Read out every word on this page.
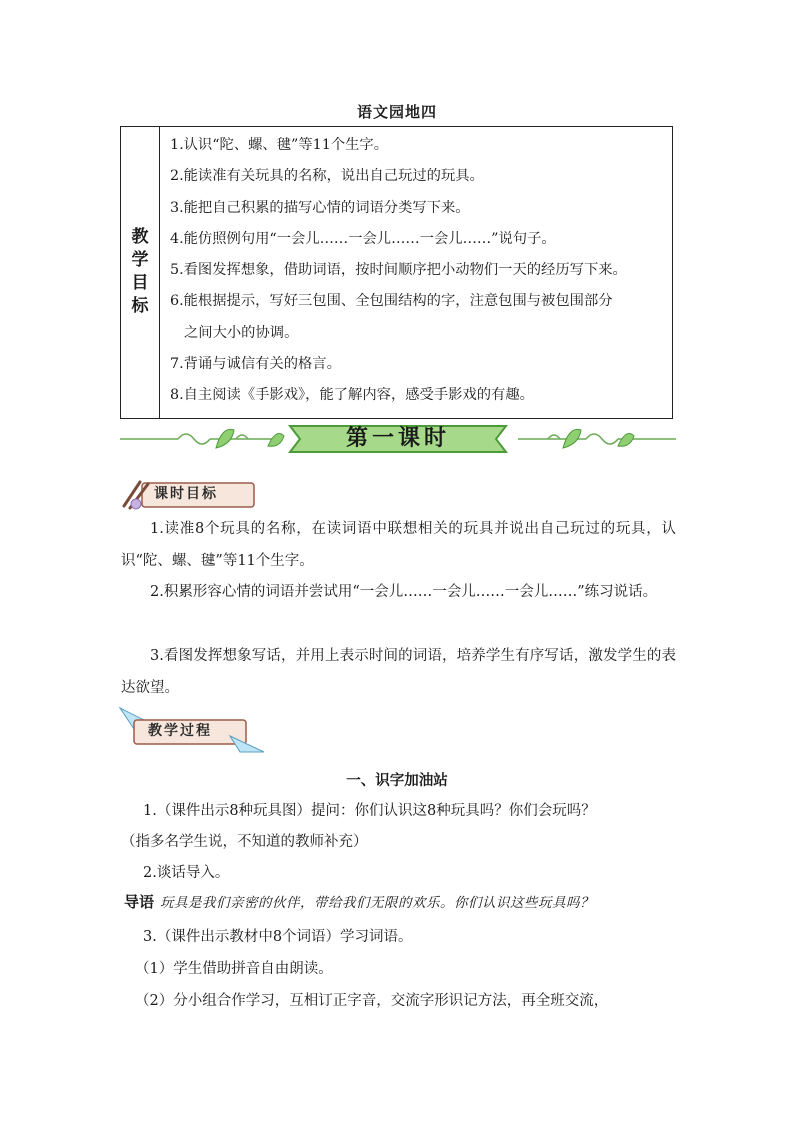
语文园地四
教
学
目
标

1.认识“陀、螺、毽”等11个生字。
2.能读准有关玩具的名称，说出自己玩过的玩具。
3.能把自己积累的描写心情的词语分类写下来。
4.能仿照例句用“一会儿……一会儿……一会儿……”说句子。
5.看图发挥想象，借助词语，按时间顺序把小动物们一天的经历写下来。
6.能根据提示，写好三包围、全包围结构的字，注意包围与被包围部分
之间大小的协调。
7.背诵与诚信有关的格言。
8.自主阅读《手影戏》，能了解内容，感受手影戏的有趣。
第一课时
课时目标

1.读准8个玩具的名称，在读词语中联想相关的玩具并说出自己玩过的玩具，认识“陀、螺、毽”等11个生字。

2.积累形容心情的词语并尝试用“一会儿……一会儿……一会儿……”练习说话。

3.看图发挥想象写话，并用上表示时间的词语，培养学生有序写话，激发学生的表达欲望。

教学过程
一、识字加油站

1.（课件出示8种玩具图）提问：你们认识这8种玩具吗？你们会玩吗？

（指多名学生说，不知道的教师补充）

2.谈话导入。

导语 玩具是我们亲密的伙伴，带给我们无限的欢乐。你们认识这些玩具吗？

3.（课件出示教材中8个词语）学习词语。

（1）学生借助拼音自由朗读。

（2）分小组合作学习，互相订正字音，交流字形识记方法，再全班交流，
